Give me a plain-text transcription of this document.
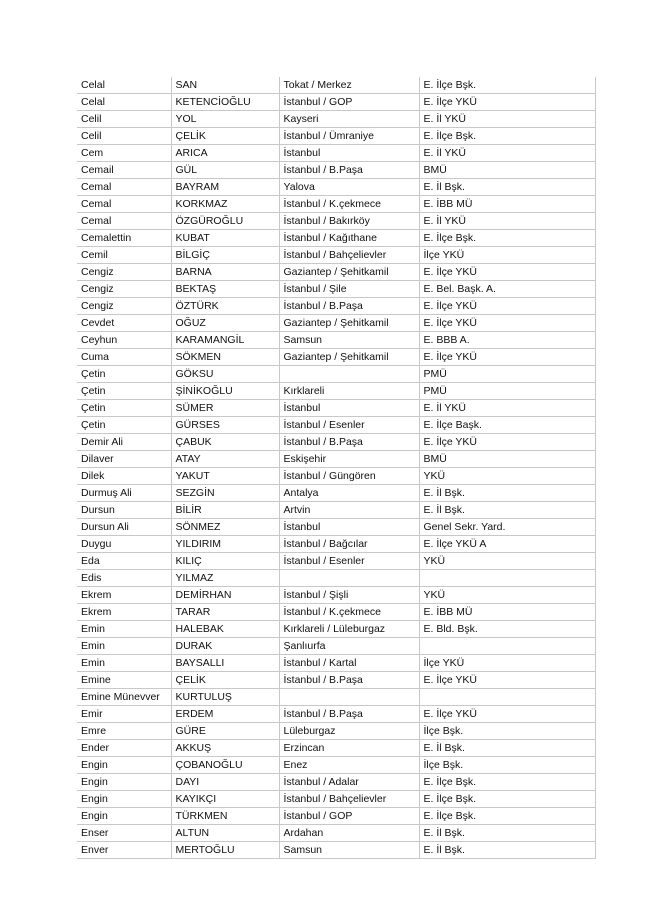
Celal	SAN	Tokat / Merkez	E. İlçe Bşk.
Celal	KETENCİOĞLU	İstanbul / GOP	E. İlçe YKÜ
Celil	YOL	Kayseri	E. İl YKÜ
Celil	ÇELİK	İstanbul / Ümraniye	E. İlçe Bşk.
Cem	ARICA	İstanbul	E. İl YKÜ
Cemail	GÜL	İstanbul / B.Paşa	BMÜ
Cemal	BAYRAM	Yalova	E. İl Bşk.
Cemal	KORKMAZ	İstanbul / K.çekmece	E. İBB MÜ
Cemal	ÖZGÜROĞLU	İstanbul / Bakırköy	E. İl YKÜ
Cemalettin	KUBAT	İstanbul / Kağıthane	E. İlçe Bşk.
Cemil	BİLGİÇ	İstanbul / Bahçelievler	İlçe YKÜ
Cengiz	BARNA	Gaziantep / Şehitkamil	E. İlçe YKÜ
Cengiz	BEKTAŞ	İstanbul / Şile	E. Bel. Başk. A.
Cengiz	ÖZTÜRK	İstanbul / B.Paşa	E. İlçe YKÜ
Cevdet	OĞUZ	Gaziantep / Şehitkamil	E. İlçe YKÜ
Ceyhun	KARAMANGİL	Samsun	E. BBB A.
Cuma	SÖKMEN	Gaziantep / Şehitkamil	E. İlçe YKÜ
Çetin	GÖKSU		PMÜ
Çetin	ŞİNİKOĞLU	Kırklareli	PMÜ
Çetin	SÜMER	İstanbul	E. İl YKÜ
Çetin	GÜRSES	İstanbul / Esenler	E. İlçe Başk.
Demir Ali	ÇABUK	İstanbul / B.Paşa	E. İlçe YKÜ
Dilaver	ATAY	Eskişehir	BMÜ
Dilek	YAKUT	İstanbul / Güngören	YKÜ
Durmuş Ali	SEZGİN	Antalya	E. İl Bşk.
Dursun	BİLİR	Artvin	E. İl Bşk.
Dursun Ali	SÖNMEZ	İstanbul	Genel Sekr. Yard.
Duygu	YILDIRIM	İstanbul / Bağcılar	E. İlçe YKÜ A
Eda	KILIÇ	İstanbul / Esenler	YKÜ
Edis	YILMAZ		
Ekrem	DEMİRHAN	İstanbul / Şişli	YKÜ
Ekrem	TARAR	İstanbul / K.çekmece	E. İBB MÜ
Emin	HALEBAK	Kırklareli / Lüleburgaz	E. Bld. Bşk.
Emin	DURAK	Şanlıurfa	
Emin	BAYSALLI	İstanbul / Kartal	İlçe YKÜ
Emine	ÇELİK	İstanbul / B.Paşa	E. İlçe YKÜ
Emine Münevver	KURTULUŞ		
Emir	ERDEM	İstanbul / B.Paşa	E. İlçe YKÜ
Emre	GÜRE	Lüleburgaz	İlçe Bşk.
Ender	AKKUŞ	Erzincan	E. İl Bşk.
Engin	ÇOBANOĞLU	Enez	İlçe Bşk.
Engin	DAYI	İstanbul / Adalar	E. İlçe Bşk.
Engin	KAYIKÇI	İstanbul / Bahçelievler	E. İlçe Bşk.
Engin	TÜRKMEN	İstanbul / GOP	E. İlçe Bşk.
Enser	ALTUN	Ardahan	E. İl Bşk.
Enver	MERTOĞLU	Samsun	E. İl Bşk.
